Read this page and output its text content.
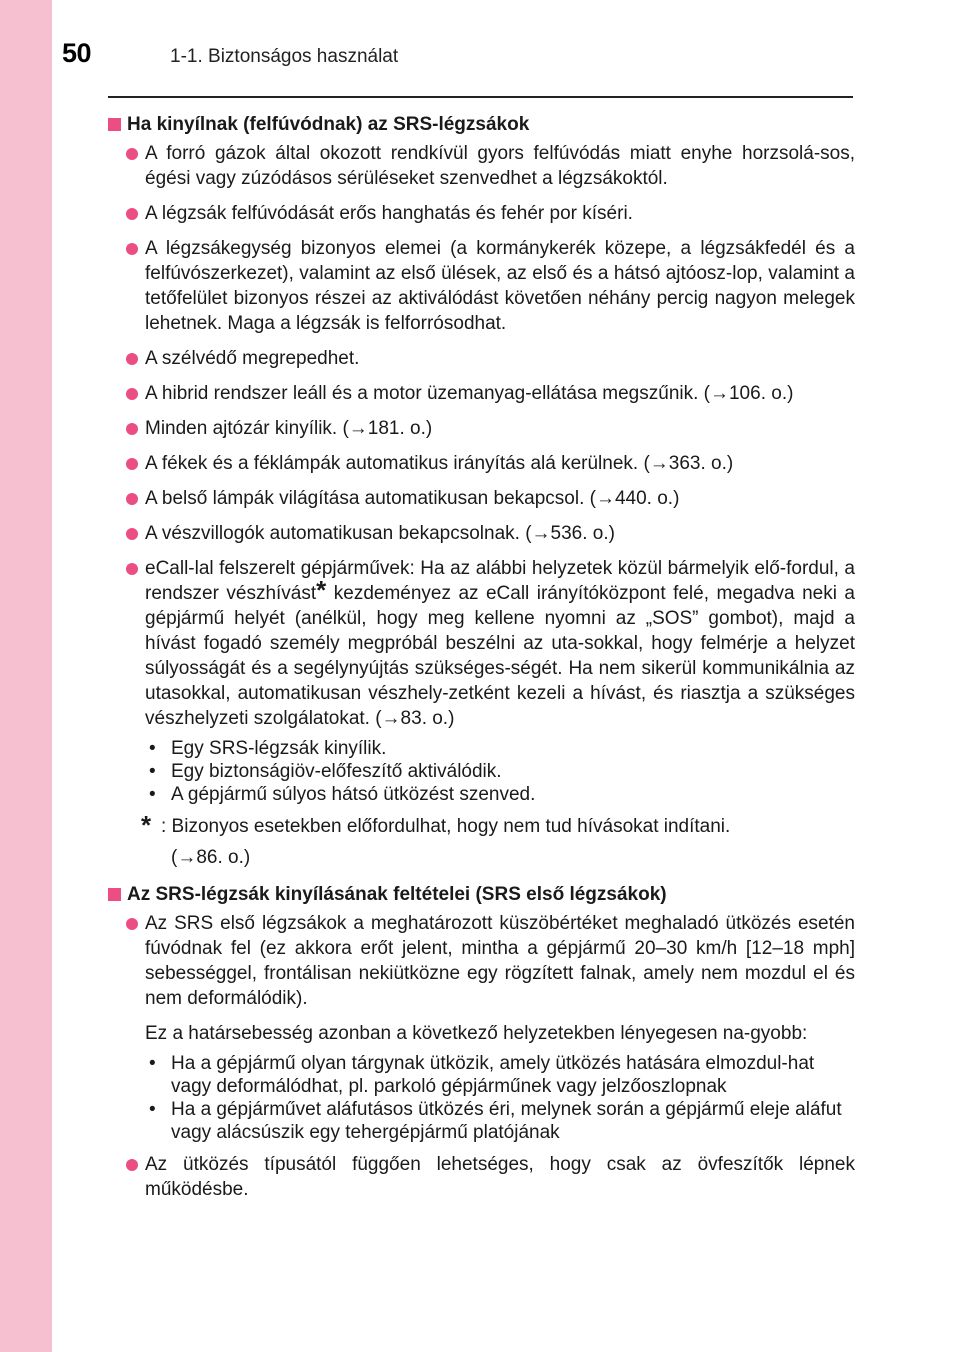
50	1-1. Biztonságos használat
Ha kinyílnak (felfúvódnak) az SRS-légzsákok
A forró gázok által okozott rendkívül gyors felfúvódás miatt enyhe horzsolá-sos, égési vagy zúzódásos sérüléseket szenvedhet a légzsákoktól.
A légzsák felfúvódását erős hanghatás és fehér por kíséri.
A légzsákegység bizonyos elemei (a kormánykerék közepe, a légzsákfedél és a felfúvószerkezet), valamint az első ülések, az első és a hátsó ajtóosz-lop, valamint a tetőfelület bizonyos részei az aktiválódást követően néhány percig nagyon melegek lehetnek. Maga a légzsák is felforrósodhat.
A szélvédő megrepedhet.
A hibrid rendszer leáll és a motor üzemanyag-ellátása megszűnik. (→106. o.)
Minden ajtózár kinyílik. (→181. o.)
A fékek és a féklámpák automatikus irányítás alá kerülnek. (→363. o.)
A belső lámpák világítása automatikusan bekapcsol. (→440. o.)
A vészvillogók automatikusan bekapcsolnak. (→536. o.)
eCall-lal felszerelt gépjárművek: Ha az alábbi helyzetek közül bármelyik elő-fordul, a rendszer vészhívást* kezdeményez az eCall irányítóközpont felé, megadva neki a gépjármű helyét (anélkül, hogy meg kellene nyomni az „SOS” gombot), majd a hívást fogadó személy megpróbál beszélni az uta-sokkal, hogy felmérje a helyzet súlyosságát és a segélynyújtás szükséges-ségét. Ha nem sikerül kommunikálnia az utasokkal, automatikusan vészhely-zetként kezeli a hívást, és riasztja a szükséges vészhelyzeti szolgálatokat. (→83. o.)
• Egy SRS-légzsák kinyílik.
• Egy biztonságiöv-előfeszítő aktiválódik.
• A gépjármű súlyos hátsó ütközést szenved.
* : Bizonyos esetekben előfordulhat, hogy nem tud hívásokat indítani.
(→86. o.)
Az SRS-légzsák kinyílásának feltételei (SRS első légzsákok)
Az SRS első légzsákok a meghatározott küszöbértéket meghaladó ütközés esetén fúvódnak fel (ez akkora erőt jelent, mintha a gépjármű 20–30 km/h [12–18 mph] sebességgel, frontálisan nekiütközne egy rögzített falnak, amely nem mozdul el és nem deformálódik).
Ez a határsebesség azonban a következő helyzetekben lényegesen na-gyobb:
• Ha a gépjármű olyan tárgynak ütközik, amely ütközés hatására elmozdul-hat vagy deformálódhat, pl. parkoló gépjárműnek vagy jelzőoszlopnak
• Ha a gépjárművet aláfutásos ütközés éri, melynek során a gépjármű eleje aláfut vagy alácsúszik egy tehergépjármű platójának
Az ütközés típusától függően lehetséges, hogy csak az övfeszítők lépnek működésbe.
